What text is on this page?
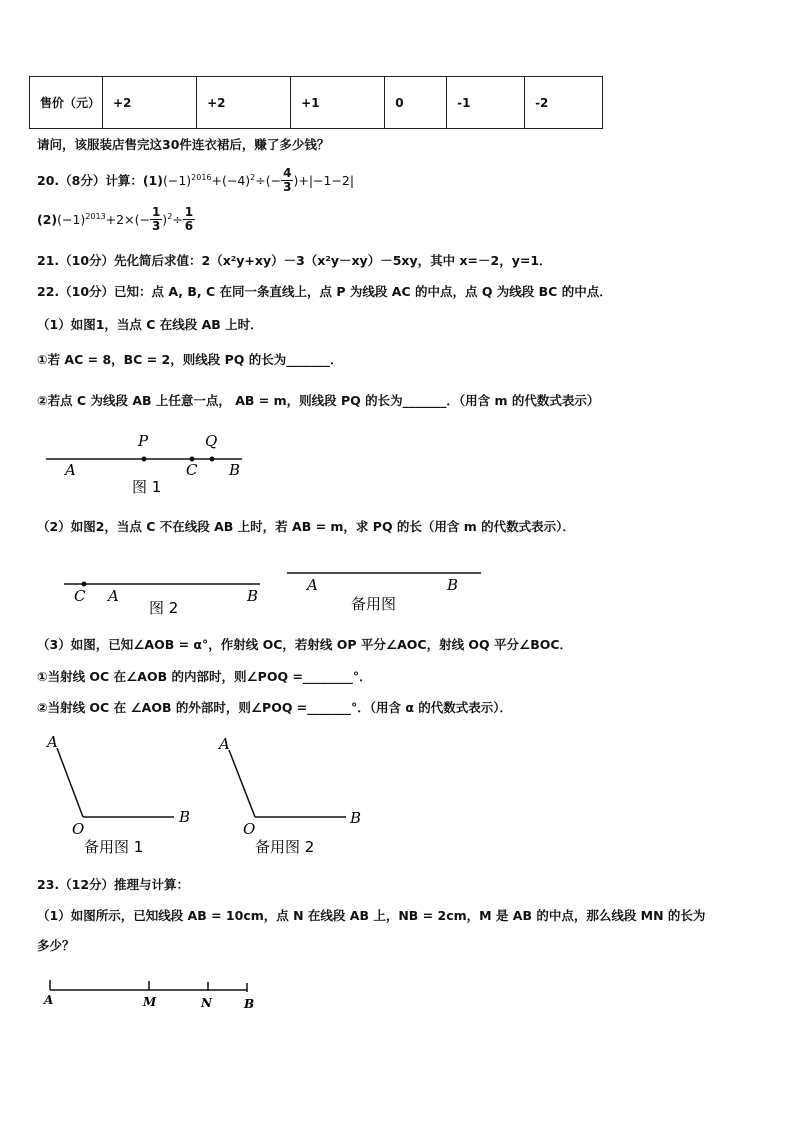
售价（元）	+2	+2	+1	0	-1	-2
请问，该服装店售完这30件连衣裙后，赚了多少钱？
20.（8分）计算：(1) $(-1)^{2016}+(-4)^2\div(- \frac{4}{3}$ ) +|−1−2|
(2) $(-1)^{2013} +2\times(- \frac{1}{3} )^2\div \frac{1}{6}$
21.（10分）先化简后求值：2（x²y+xy）－3（x²y－xy）－5xy，其中 x=－2，y=1．
22.（10分）已知：点 A, B, C 在同一条直线上，点 P 为线段 AC 的中点，点 Q 为线段 BC 的中点．
（1）如图1，当点 C 在线段 AB 上时．
①若 AC = 8，BC = 2，则线段 PQ 的长为_______．
②若点 C 为线段 AB 上任意一点， AB = m，则线段 PQ 的长为_______．（用含 m 的代数式表示）
A
P
C
Q
B
图 1
（2）如图2，当点 C 不在线段 AB 上时，若 AB = m，求 PQ 的长（用含 m 的代数式表示）．
C A	B
图 2
A	B
备用图
（3）如图，已知∠AOB = α°，作射线 OC，若射线 OP 平分∠AOC，射线 OQ 平分∠BOC．
①当射线 OC 在∠AOB 的内部时，则∠POQ =________°．
②当射线 OC 在 ∠AOB 的外部时，则∠POQ =_______°．（用含 α 的代数式表示）．
A
O
B
备用图 1
A
O
B
备用图 2
23.（12分）推理与计算：
（1）如图所示，已知线段 AB = 10cm，点 N 在线段 AB 上，NB = 2cm，M 是 AB 的中点，那么线段 MN 的长为
多少？
A	M	N	B
